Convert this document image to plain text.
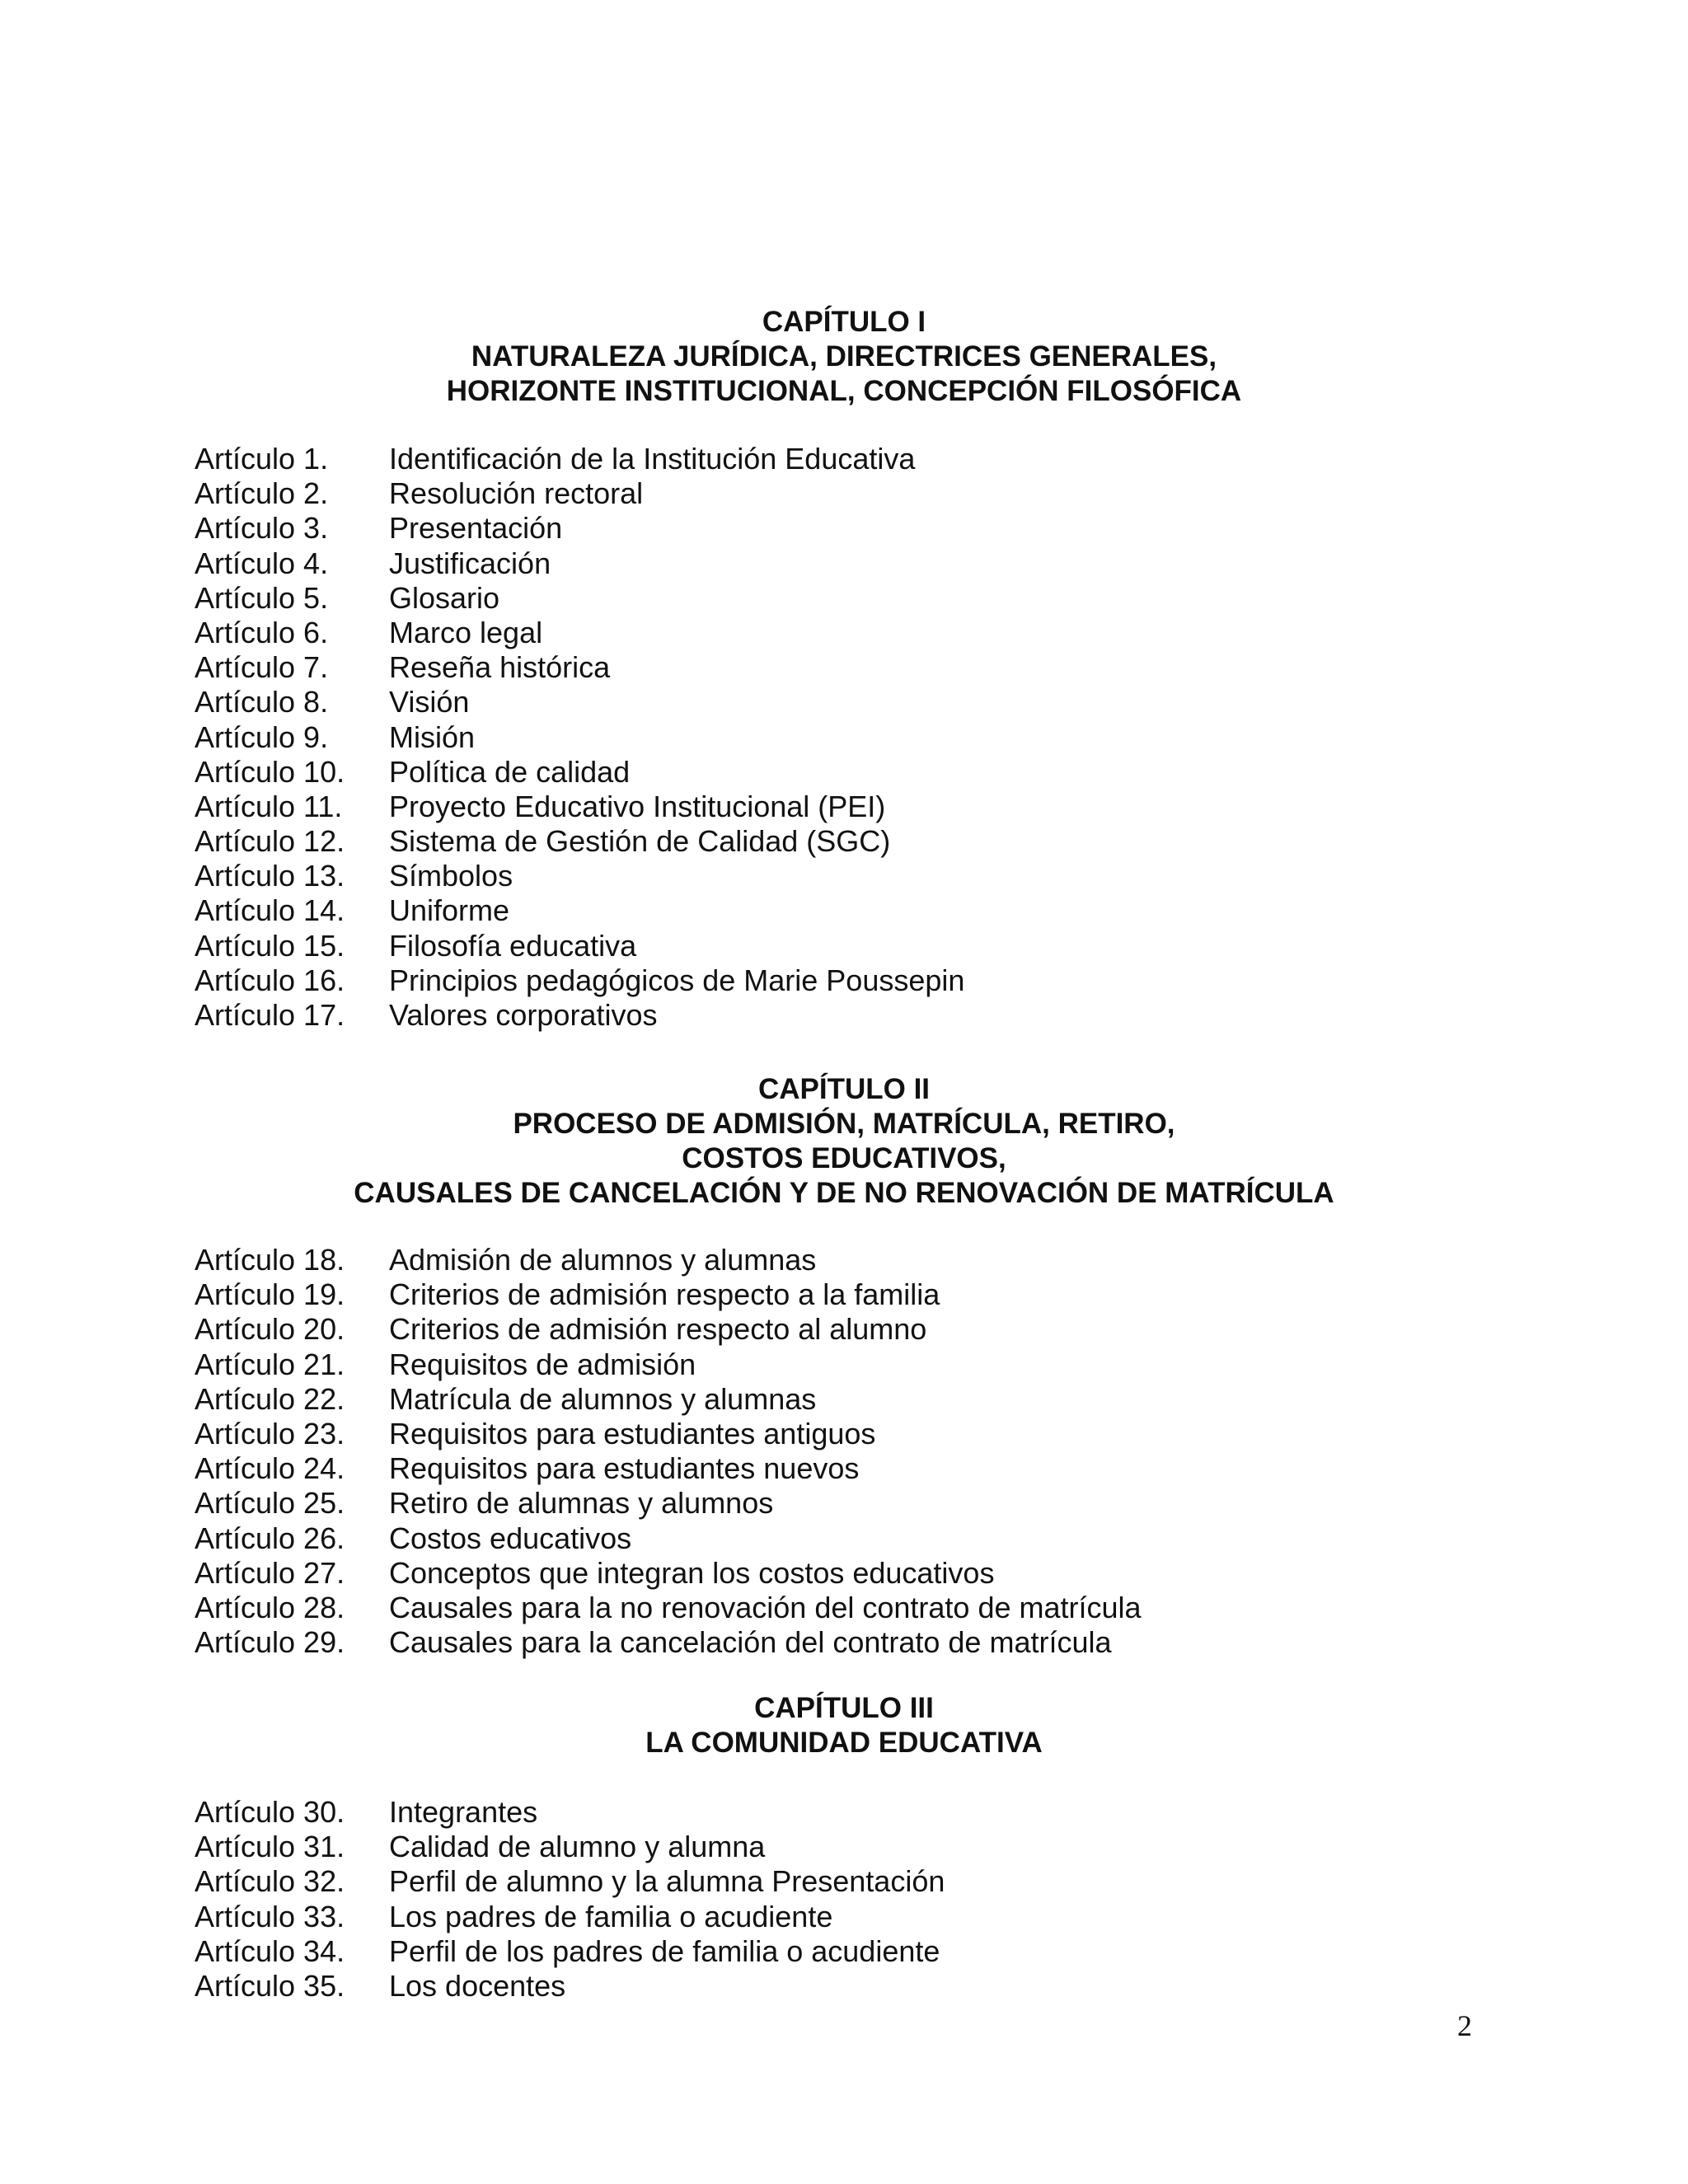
CAPÍTULO I
NATURALEZA JURÍDICA, DIRECTRICES GENERALES,
HORIZONTE INSTITUCIONAL, CONCEPCIÓN FILOSÓFICA
Artículo 1.	Identificación de la Institución Educativa
Artículo 2.	Resolución rectoral
Artículo 3.	Presentación
Artículo 4.	Justificación
Artículo 5.	Glosario
Artículo 6.	Marco legal
Artículo 7.	Reseña histórica
Artículo 8.	Visión
Artículo 9.	Misión
Artículo 10.	Política de calidad
Artículo 11.	Proyecto Educativo Institucional (PEI)
Artículo 12.	Sistema de Gestión de Calidad (SGC)
Artículo 13.	Símbolos
Artículo 14.	Uniforme
Artículo 15.	Filosofía educativa
Artículo 16.	Principios pedagógicos de Marie Poussepin
Artículo 17.	Valores corporativos
CAPÍTULO II
PROCESO DE ADMISIÓN, MATRÍCULA, RETIRO,
COSTOS EDUCATIVOS,
CAUSALES DE CANCELACIÓN Y DE NO RENOVACIÓN DE MATRÍCULA
Artículo 18.	Admisión de alumnos y alumnas
Artículo 19.	Criterios de admisión respecto a la familia
Artículo 20.	Criterios de admisión respecto al alumno
Artículo 21.	Requisitos de admisión
Artículo 22.	Matrícula de alumnos y alumnas
Artículo 23.	Requisitos para estudiantes antiguos
Artículo 24.	Requisitos para estudiantes nuevos
Artículo 25.	Retiro de alumnas y alumnos
Artículo 26.	Costos educativos
Artículo 27.	Conceptos que integran los costos educativos
Artículo 28.	Causales para la no renovación del contrato de matrícula
Artículo 29.	Causales para la cancelación del contrato de matrícula
CAPÍTULO III
LA COMUNIDAD EDUCATIVA
Artículo 30.	Integrantes
Artículo 31.	Calidad de alumno y alumna
Artículo 32.	Perfil de alumno y la alumna Presentación
Artículo 33.	Los padres de familia o acudiente
Artículo 34.	Perfil de los padres de familia o acudiente
Artículo 35.	Los docentes
2
